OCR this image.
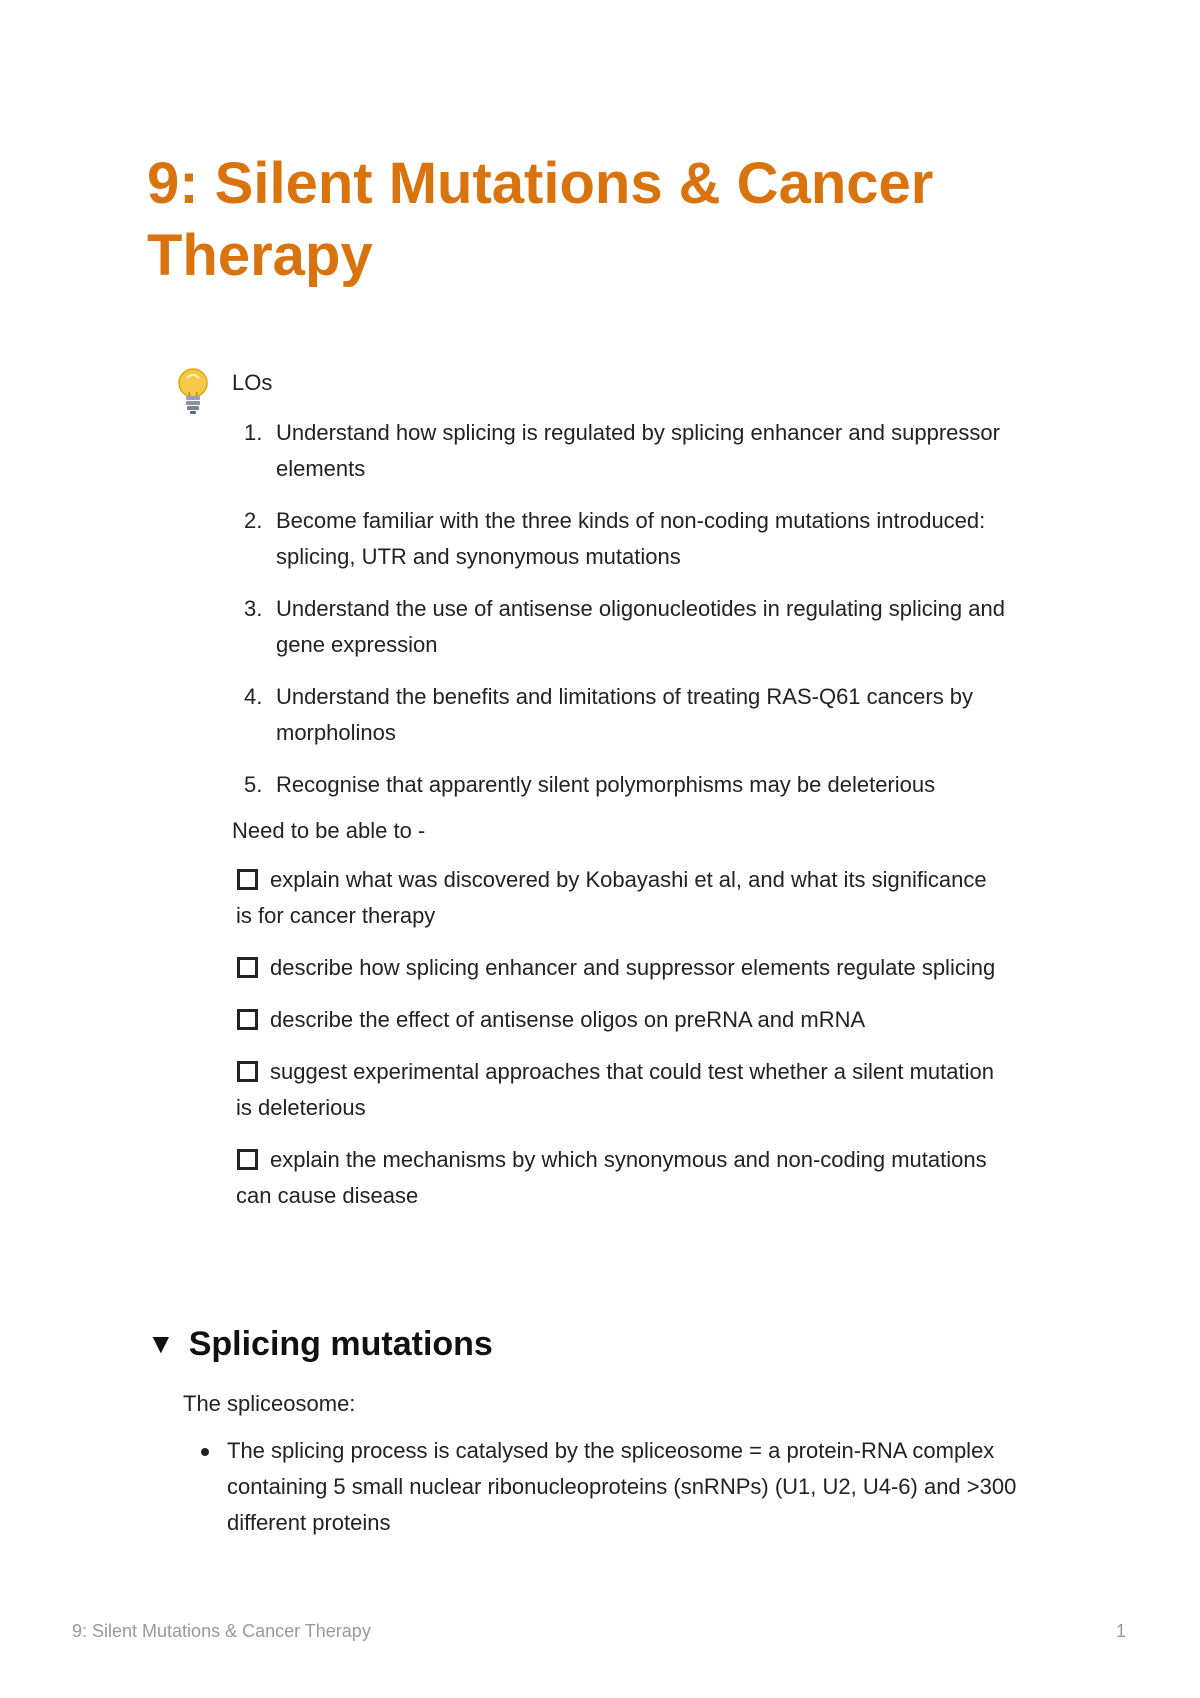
9: Silent Mutations & Cancer Therapy
LOs
1. Understand how splicing is regulated by splicing enhancer and suppressor elements
2. Become familiar with the three kinds of non-coding mutations introduced: splicing, UTR and synonymous mutations
3. Understand the use of antisense oligonucleotides in regulating splicing and gene expression
4. Understand the benefits and limitations of treating RAS-Q61 cancers by morpholinos
5. Recognise that apparently silent polymorphisms may be deleterious
Need to be able to -
explain what was discovered by Kobayashi et al, and what its significance is for cancer therapy
describe how splicing enhancer and suppressor elements regulate splicing
describe the effect of antisense oligos on preRNA and mRNA
suggest experimental approaches that could test whether a silent mutation is deleterious
explain the mechanisms by which synonymous and non-coding mutations can cause disease
▼ Splicing mutations
The spliceosome:
The splicing process is catalysed by the spliceosome = a protein-RNA complex containing 5 small nuclear ribonucleoproteins (snRNPs) (U1, U2, U4-6) and >300 different proteins
9: Silent Mutations & Cancer Therapy	1
